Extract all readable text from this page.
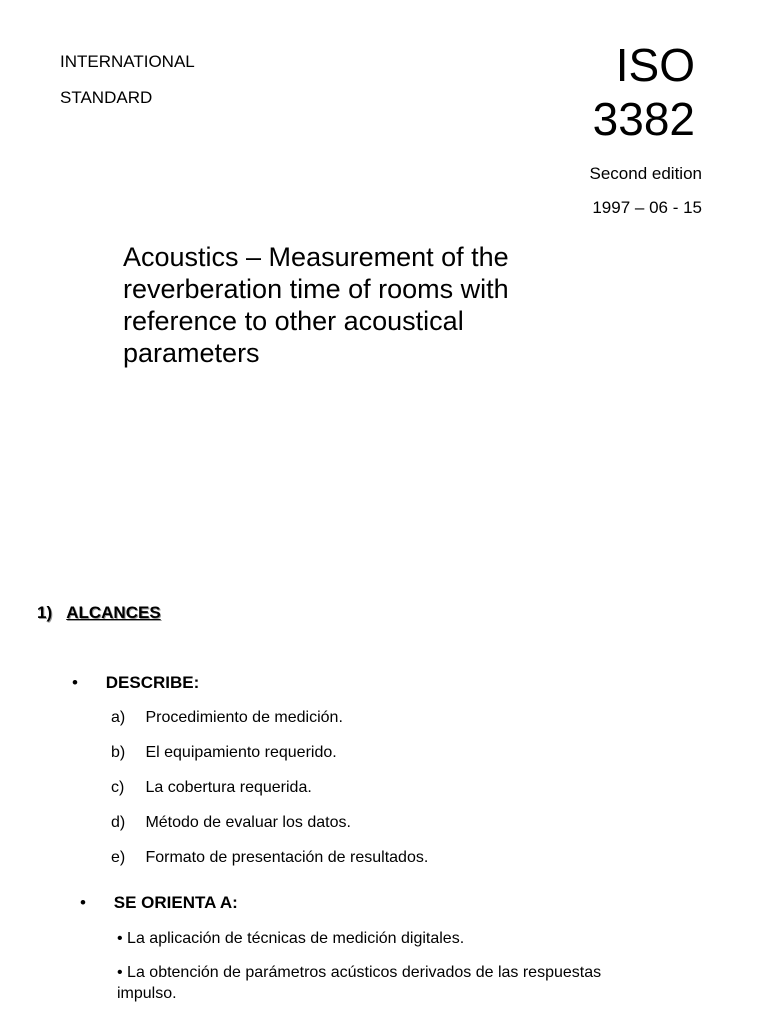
INTERNATIONAL
STANDARD
ISO
3382
Second edition
1997 – 06 - 15
Acoustics – Measurement of the reverberation time of rooms with reference to other acoustical parameters
1) ALCANCES
• DESCRIBE:
a) Procedimiento de medición.
b) El equipamiento requerido.
c) La cobertura requerida.
d) Método de evaluar los datos.
e) Formato de presentación de resultados.
• SE ORIENTA A:
• La aplicación de técnicas de medición digitales.
• La obtención de parámetros acústicos derivados de las respuestas impulso.
